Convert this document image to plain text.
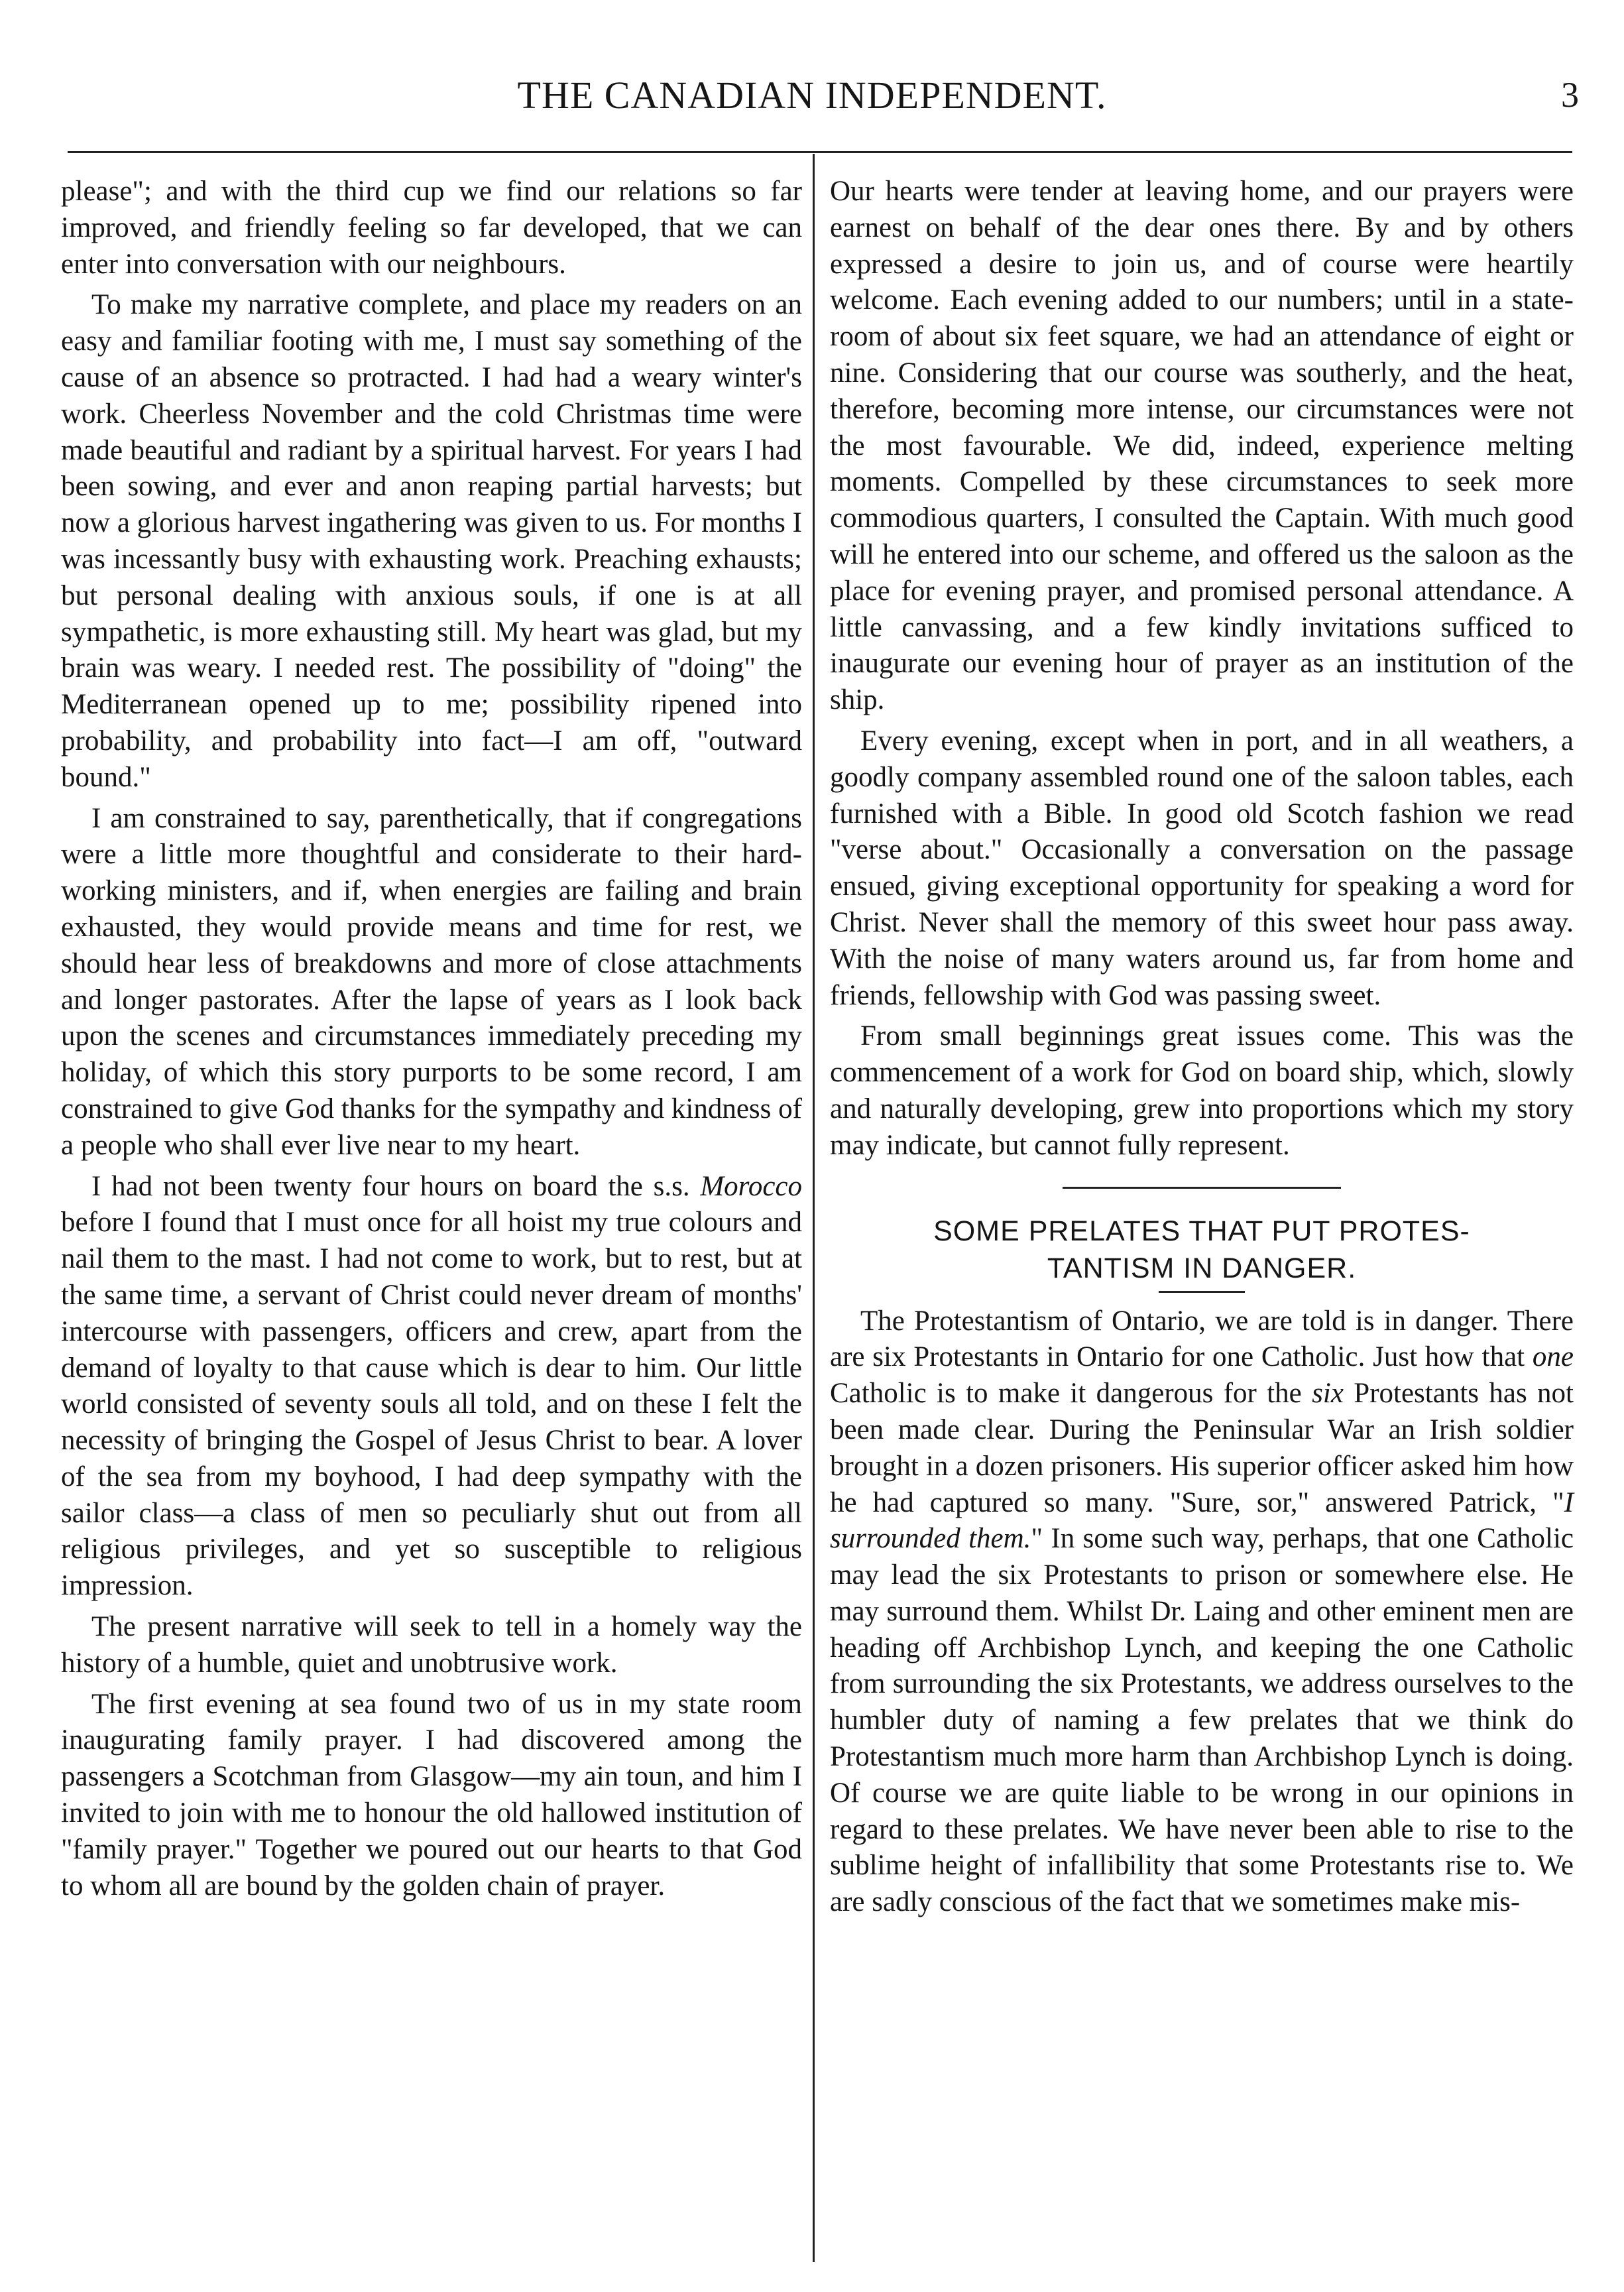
THE CANADIAN INDEPENDENT.	3

please"; and with the third cup we find our relations so far improved, and friendly feeling so far developed, that we can enter into conversation with our neighbours.

To make my narrative complete, and place my readers on an easy and familiar footing with me, I must say something of the cause of an absence so protracted. I had had a weary winter's work. Cheerless November and the cold Christmas time were made beautiful and radiant by a spiritual harvest. For years I had been sowing, and ever and anon reaping partial harvests; but now a glorious harvest ingathering was given to us. For months I was incessantly busy with exhausting work. Preaching exhausts; but personal dealing with anxious souls, if one is at all sympathetic, is more exhausting still. My heart was glad, but my brain was weary. I needed rest. The possibility of "doing" the Mediterranean opened up to me; possibility ripened into probability, and probability into fact—I am off, "outward bound."

I am constrained to say, parenthetically, that if congregations were a little more thoughtful and considerate to their hard-working ministers, and if, when energies are failing and brain exhausted, they would provide means and time for rest, we should hear less of breakdowns and more of close attachments and longer pastorates. After the lapse of years as I look back upon the scenes and circumstances immediately preceding my holiday, of which this story purports to be some record, I am constrained to give God thanks for the sympathy and kindness of a people who shall ever live near to my heart.

I had not been twenty four hours on board the s.s. Morocco before I found that I must once for all hoist my true colours and nail them to the mast. I had not come to work, but to rest, but at the same time, a servant of Christ could never dream of months' intercourse with passengers, officers and crew, apart from the demand of loyalty to that cause which is dear to him. Our little world consisted of seventy souls all told, and on these I felt the necessity of bringing the Gospel of Jesus Christ to bear. A lover of the sea from my boyhood, I had deep sympathy with the sailor class—a class of men so peculiarly shut out from all religious privileges, and yet so susceptible to religious impression.

The present narrative will seek to tell in a homely way the history of a humble, quiet and unobtrusive work.

The first evening at sea found two of us in my state room inaugurating family prayer. I had discovered among the passengers a Scotchman from Glasgow—my ain toun, and him I invited to join with me to honour the old hallowed institution of "family prayer." Together we poured out our hearts to that God to whom all are bound by the golden chain of prayer.

Our hearts were tender at leaving home, and our prayers were earnest on behalf of the dear ones there. By and by others expressed a desire to join us, and of course were heartily welcome. Each evening added to our numbers; until in a state-room of about six feet square, we had an attendance of eight or nine. Considering that our course was southerly, and the heat, therefore, becoming more intense, our circumstances were not the most favourable. We did, indeed, experience melting moments. Compelled by these circumstances to seek more commodious quarters, I consulted the Captain. With much good will he entered into our scheme, and offered us the saloon as the place for evening prayer, and promised personal attendance. A little canvassing, and a few kindly invitations sufficed to inaugurate our evening hour of prayer as an institution of the ship.

Every evening, except when in port, and in all weathers, a goodly company assembled round one of the saloon tables, each furnished with a Bible. In good old Scotch fashion we read "verse about." Occasionally a conversation on the passage ensued, giving exceptional opportunity for speaking a word for Christ. Never shall the memory of this sweet hour pass away. With the noise of many waters around us, far from home and friends, fellowship with God was passing sweet.

From small beginnings great issues come. This was the commencement of a work for God on board ship, which, slowly and naturally developing, grew into proportions which my story may indicate, but cannot fully represent.

SOME PRELATES THAT PUT PROTES-
TANTISM IN DANGER.

The Protestantism of Ontario, we are told is in danger. There are six Protestants in Ontario for one Catholic. Just how that one Catholic is to make it dangerous for the six Protestants has not been made clear. During the Peninsular War an Irish soldier brought in a dozen prisoners. His superior officer asked him how he had captured so many. "Sure, sor," answered Patrick, "I surrounded them." In some such way, perhaps, that one Catholic may lead the six Protestants to prison or somewhere else. He may surround them. Whilst Dr. Laing and other eminent men are heading off Archbishop Lynch, and keeping the one Catholic from surrounding the six Protestants, we address ourselves to the humbler duty of naming a few prelates that we think do Protestantism much more harm than Archbishop Lynch is doing. Of course we are quite liable to be wrong in our opinions in regard to these prelates. We have never been able to rise to the sublime height of infallibility that some Protestants rise to. We are sadly conscious of the fact that we sometimes make mis-
